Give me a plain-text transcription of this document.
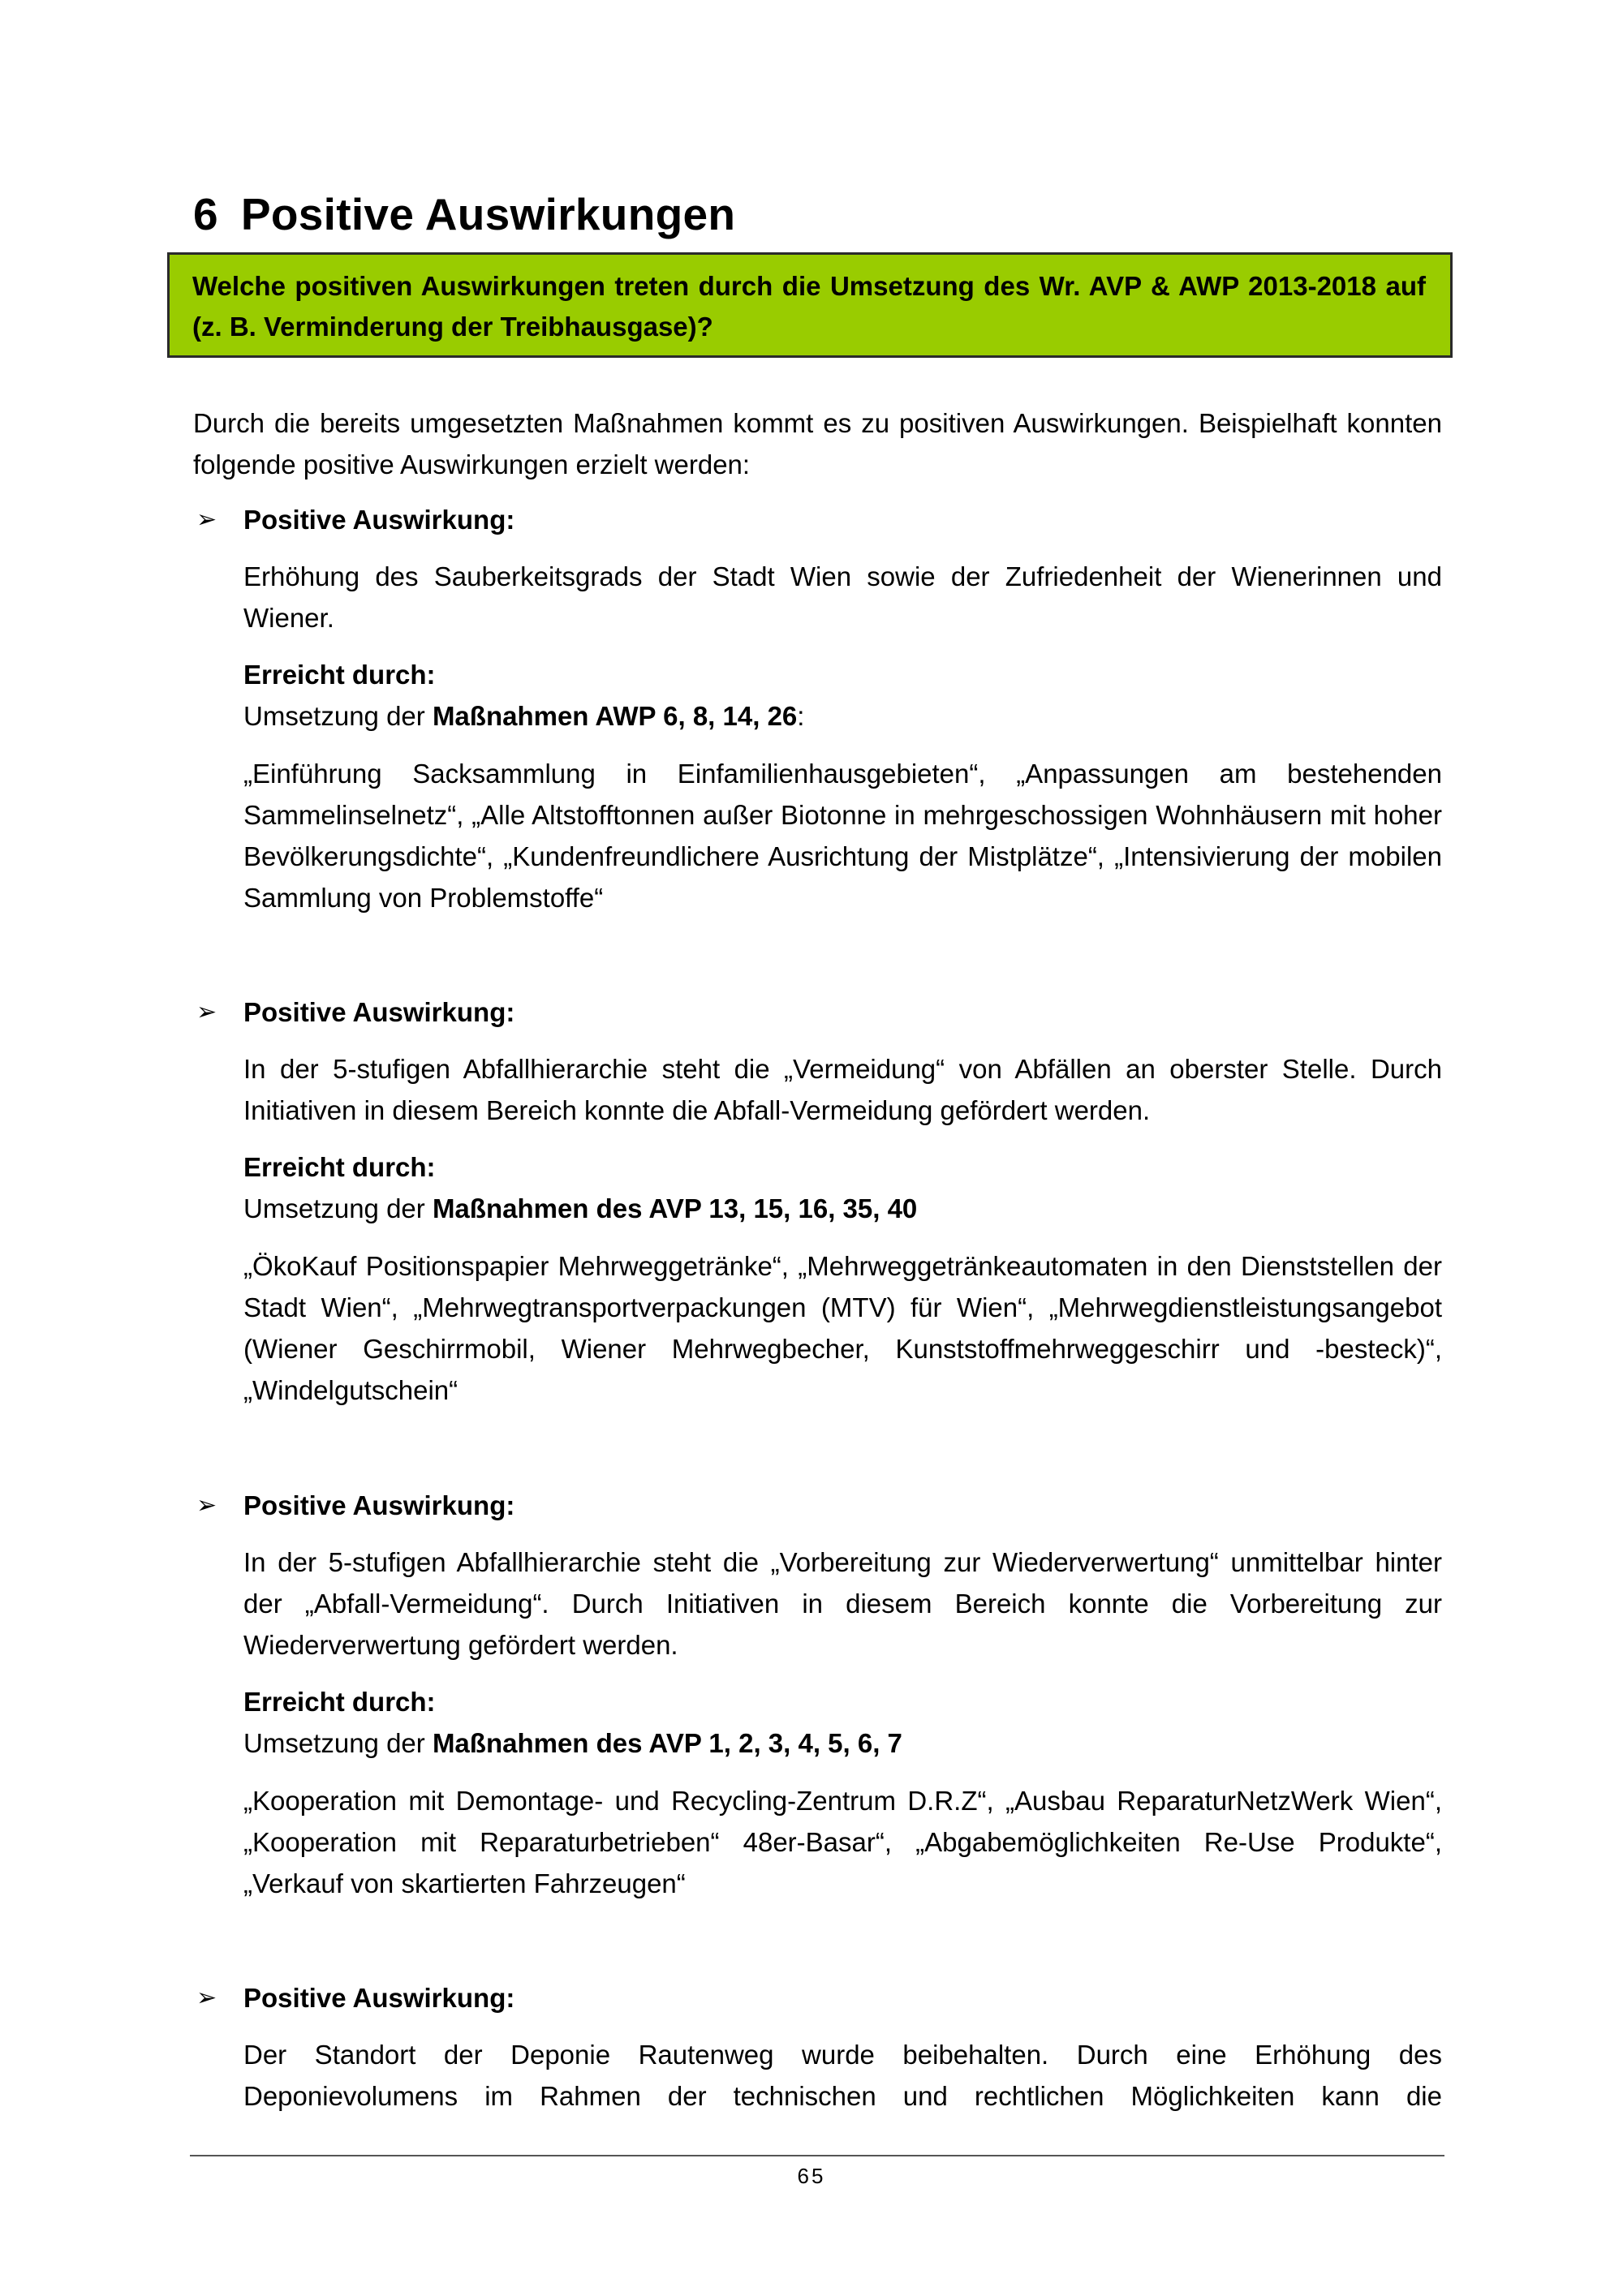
6 Positive Auswirkungen
Welche positiven Auswirkungen treten durch die Umsetzung des Wr. AVP & AWP 2013-2018 auf (z. B. Verminderung der Treibhausgase)?

Durch die bereits umgesetzten Maßnahmen kommt es zu positiven Auswirkungen. Beispielhaft konnten folgende positive Auswirkungen erzielt werden:

➢ Positive Auswirkung:

Erhöhung des Sauberkeitsgrads der Stadt Wien sowie der Zufriedenheit der Wienerinnen und Wiener.

Erreicht durch:
Umsetzung der Maßnahmen AWP 6, 8, 14, 26:

„Einführung Sacksammlung in Einfamilienhausgebieten“, „Anpassungen am bestehenden Sammelinselnetz“, „Alle Altstofftonnen außer Biotonne in mehrgeschossigen Wohnhäusern mit hoher Bevölkerungsdichte“, „Kundenfreundlichere Ausrichtung der Mistplätze“, „Intensivierung der mobilen Sammlung von Problemstoffe“

➢ Positive Auswirkung:

In der 5-stufigen Abfallhierarchie steht die „Vermeidung“ von Abfällen an oberster Stelle. Durch Initiativen in diesem Bereich konnte die Abfall-Vermeidung gefördert werden.

Erreicht durch:
Umsetzung der Maßnahmen des AVP 13, 15, 16, 35, 40

„ÖkoKauf Positionspapier Mehrweggetränke“, „Mehrweggetränkeautomaten in den Dienststellen der Stadt Wien“, „Mehrwegtransportverpackungen (MTV) für Wien“, „Mehrwegdienstleistungsangebot (Wiener Geschirrmobil, Wiener Mehrwegbecher, Kunststoffmehrweggeschirr und -besteck)“, „Windelgutschein“

➢ Positive Auswirkung:

In der 5-stufigen Abfallhierarchie steht die „Vorbereitung zur Wiederverwertung“ unmittelbar hinter der „Abfall-Vermeidung“. Durch Initiativen in diesem Bereich konnte die Vorbereitung zur Wiederverwertung gefördert werden.

Erreicht durch:
Umsetzung der Maßnahmen des AVP 1, 2, 3, 4, 5, 6, 7

„Kooperation mit Demontage- und Recycling-Zentrum D.R.Z“, „Ausbau ReparaturNetzWerk Wien“, „Kooperation mit Reparaturbetrieben“ 48er-Basar“, „Abgabemöglichkeiten Re-Use Produkte“, „Verkauf von skartierten Fahrzeugen“

➢ Positive Auswirkung:

Der Standort der Deponie Rautenweg wurde beibehalten. Durch eine Erhöhung des Deponievolumens im Rahmen der technischen und rechtlichen Möglichkeiten kann die

65
